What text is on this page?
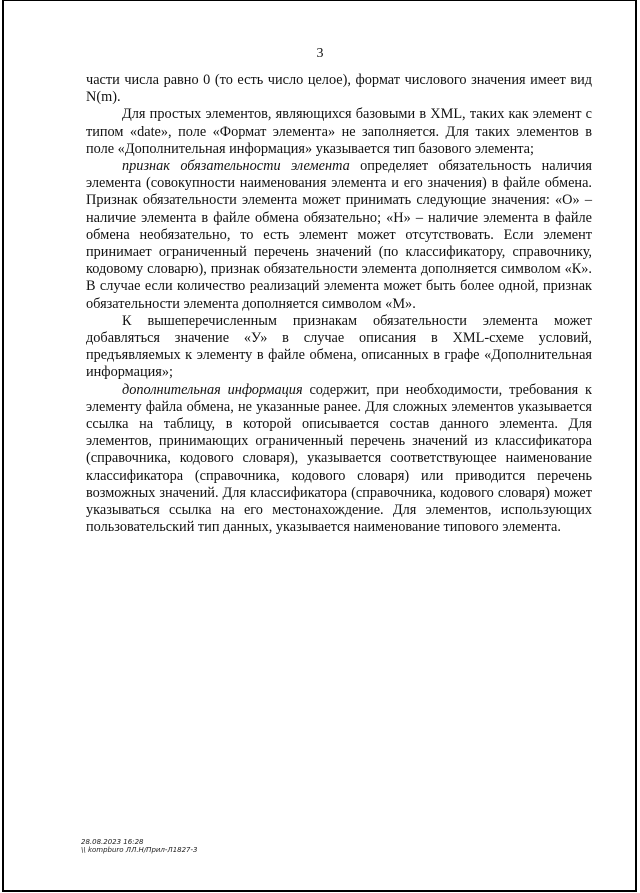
3

части числа равно 0 (то есть число целое), формат числового значения имеет вид N(m).

Для простых элементов, являющихся базовыми в XML, таких как элемент с типом «date», поле «Формат элемента» не заполняется. Для таких элементов в поле «Дополнительная информация» указывается тип базового элемента;

признак обязательности элемента определяет обязательность наличия элемента (совокупности наименования элемента и его значения) в файле обмена. Признак обязательности элемента может принимать следующие значения: «О» – наличие элемента в файле обмена обязательно; «Н» – наличие элемента в файле обмена необязательно, то есть элемент может отсутствовать. Если элемент принимает ограниченный перечень значений (по классификатору, справочнику, кодовому словарю), признак обязательности элемента дополняется символом «К». В случае если количество реализаций элемента может быть более одной, признак обязательности элемента дополняется символом «М».

К вышеперечисленным признакам обязательности элемента может добавляться значение «У» в случае описания в XML-схеме условий, предъявляемых к элементу в файле обмена, описанных в графе «Дополнительная информация»;

дополнительная информация содержит, при необходимости, требования к элементу файла обмена, не указанные ранее. Для сложных элементов указывается ссылка на таблицу, в которой описывается состав данного элемента. Для элементов, принимающих ограниченный перечень значений из классификатора (справочника, кодового словаря), указывается соответствующее наименование классификатора (справочника, кодового словаря) или приводится перечень возможных значений. Для классификатора (справочника, кодового словаря) может указываться ссылка на его местонахождение. Для элементов, использующих пользовательский тип данных, указывается наименование типового элемента.

28.08.2023 16:28
\\ kompburo ЛЛ.Н/Прил-Л1827-3
